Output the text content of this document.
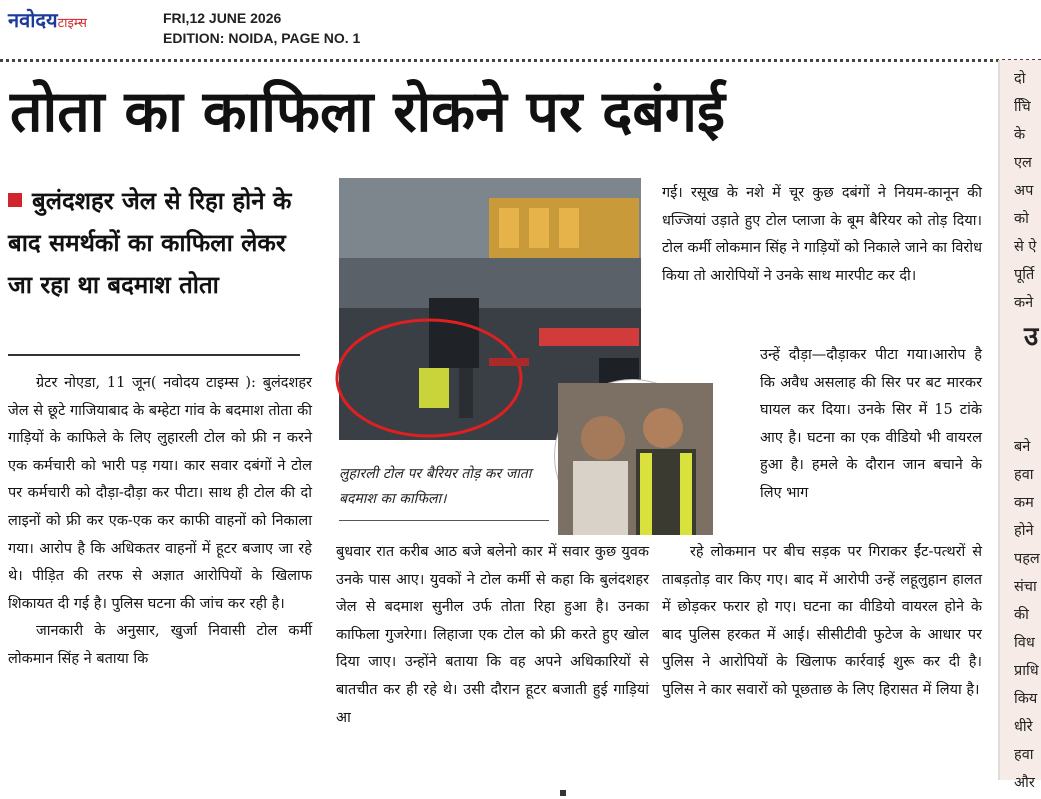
नवोदयटाइम्स	FRI,12 JUNE 2026
EDITION: NOIDA, PAGE NO. 1
तोता का काफिला रोकने पर दबंगई
बुलंदशहर जेल से रिहा होने के बाद समर्थकों का काफिला लेकर जा रहा था बदमाश तोता

ग्रेटर नोएडा, 11 जून( नवोदय टाइम्स ): बुलंदशहर जेल से छूटे गाजियाबाद के बम्हेटा गांव के बदमाश तोता की गाड़ियों के काफिले के लिए लुहारली टोल को फ्री न करने एक कर्मचारी को भारी पड़ गया। कार सवार दबंगों ने टोल पर कर्मचारी को दौड़ा-दौड़ा कर पीटा। साथ ही टोल की दो लाइनों को फ्री कर एक-एक कर काफी वाहनों को निकाला गया। आरोप है कि अधिकतर वाहनों में हूटर बजाए जा रहे थे। पीड़ित की तरफ से अज्ञात आरोपियों के खिलाफ शिकायत दी गई है। पुलिस घटना की जांच कर रही है।

जानकारी के अनुसार, खुर्जा निवासी टोल कर्मी लोकमान सिंह ने बताया कि

लुहारली टोल पर बैरियर तोड़ कर जाता बदमाश का काफिला।

बुधवार रात करीब आठ बजे बलेनो कार में सवार कुछ युवक उनके पास आए। युवकों ने टोल कर्मी से कहा कि बुलंदशहर जेल से बदमाश सुनील उर्फ तोता रिहा हुआ है। उनका काफिला गुजरेगा। लिहाजा एक टोल को फ्री करते हुए खोल दिया जाए। उन्होंने बताया कि वह अपने अधिकारियों से बातचीत कर ही रहे थे। उसी दौरान हूटर बजाती हुई गाड़ियां आ

गई। रसूख के नशे में चूर कुछ दबंगों ने नियम-कानून की धज्जियां उड़ाते हुए टोल प्लाजा के बूम बैरियर को तोड़ दिया। टोल कर्मी लोकमान सिंह ने गाड़ियों को निकाले जाने का विरोध किया तो आरोपियों ने उनके साथ मारपीट कर दी।

उन्हें दौड़ा—दौड़ाकर पीटा गया।आरोप है कि अवैध असलाह की सिर पर बट मारकर घायल कर दिया। उनके सिर में 15 टांके आए है। घटना का एक वीडियो भी वायरल हुआ है। हमले के दौरान जान बचाने के लिए भाग

रहे लोकमान पर बीच सड़क पर गिराकर ईंट-पत्थरों से ताबड़तोड़ वार किए गए। बाद में आरोपी उन्हें लहूलुहान हालत में छोड़कर फरार हो गए। घटना का वीडियो वायरल होने के बाद पुलिस हरकत में आई। सीसीटीवी फुटेज के आधार पर पुलिस ने आरोपियों के खिलाफ कार्रवाई शुरू कर दी है। पुलिस ने कार सवारों को पूछताछ के लिए हिरासत में लिया है।

दो
चिि
के
एल
अप
को
से ऐ
पूर्ति
कने
उ
बने
हवा
कम
होने
पहल
संचा
की
विध
प्राधि
किय
धीरे
हवा
और
